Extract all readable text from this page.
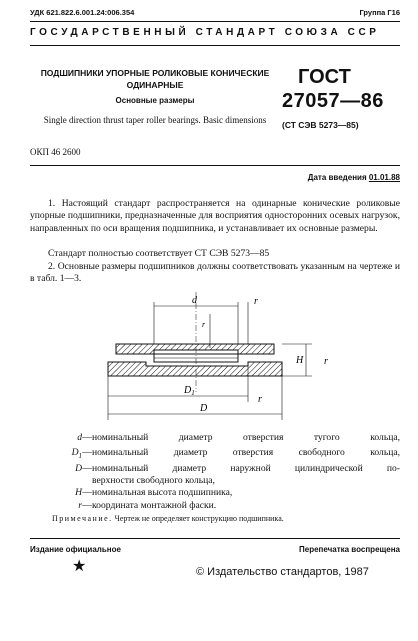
УДК 621.822.6.001.24:006.354	Группа Г16
ГОСУДАРСТВЕННЫЙ СТАНДАРТ СОЮЗА ССР
ПОДШИПНИКИ УПОРНЫЕ РОЛИКОВЫЕ КОНИЧЕСКИЕ ОДИНАРНЫЕ
Основные размеры
Single direction thrust taper roller bearings. Basic dimensions
ОКП 46 2600
ГОСТ
27057—86
(СТ СЭВ 5273—85)
Дата введения 01.01.88
1. Настоящий стандарт распространяется на одинарные конические роликовые упорные подшипники, предназначенные для восприятия односторонних осевых нагрузок, направленных по оси вращения подшипника, и устанавливает их основные размеры.
Стандарт полностью соответствует СТ СЭВ 5273—85
2. Основные размеры подшипников должны соответствовать указанным на чертеже и в табл. 1—3.
d	r
r
H r
$D_1$
r
D
d — номинальный диаметр отверстия тугого кольца,
$D_1$ — номинальный диаметр отверстия свободного кольца,
D — номинальный диаметр наружной цилиндрической по-
верхности свободного кольца,
H — номинальная высота подшипника,
r — координата монтажной фаски.
Примечание. Чертеж не определяет конструкцию подшипника.
Издание официальное	Перепечатка воспрещена
★	© Издательство стандартов, 1987
